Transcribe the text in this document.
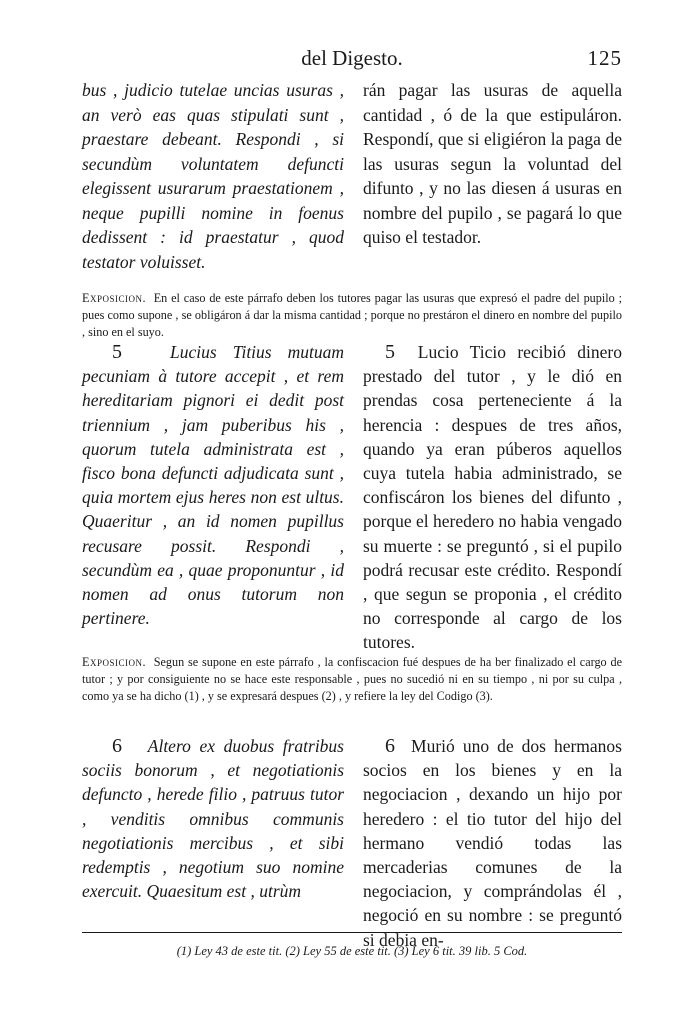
del Digesto.	125

bus , judicio tutelae uncias usuras , an verò eas quas stipulati sunt , praestare debeant. Respondi , si secundùm voluntatem defuncti elegissent usurarum praestationem , neque pupilli nomine in foenus dedissent : id praestatur , quod testator voluisset.

rán pagar las usuras de aquella cantidad , ó de la que estipuláron. Respondí, que si eligiéron la paga de las usuras segun la voluntad del difunto , y no las diesen á usuras en nombre del pupilo , se pagará lo que quiso el testador.

Exposicion. En el caso de este párrafo deben los tutores pagar las usuras que expresó el padre del pupilo ; pues como supone , se obligáron á dar la misma cantidad ; porque no prestáron el dinero en nombre del pupilo , sino en el suyo.

5	Lucius Titius mutuam pecuniam à tutore accepit , et rem hereditariam pignori ei dedit post triennium , jam puberibus his , quorum tutela administrata est , fisco bona defuncti adjudicata sunt , quia mortem ejus heres non est ultus. Quaeritur , an id nomen pupillus recusare possit. Respondi , secundùm ea , quae proponuntur , id nomen ad onus tutorum non pertinere.

5 Lucio Ticio recibió dinero prestado del tutor , y le dió en prendas cosa perteneciente á la herencia : despues de tres años, quando ya eran púberos aquellos cuya tutela habia administrado, se confiscáron los bienes del difunto , porque el heredero no habia vengado su muerte : se preguntó , si el pupilo podrá recusar este crédito. Respondí , que segun se proponia , el crédito no corresponde al cargo de los tutores.

Exposicion. Segun se supone en este párrafo , la confiscacion fué despues de ha ber finalizado el cargo de tutor ; y por consiguiente no se hace este responsable , pues no sucedió ni en su tiempo , ni por su culpa , como ya se ha dicho (1) , y se expresará despues (2) , y refiere la ley del Codigo (3).

6 Altero ex duobus fratribus sociis bonorum , et negotiationis defuncto , herede filio , patruus tutor , venditis omnibus communis negotiationis mercibus , et sibi redemptis , negotium suo nomine exercuit. Quaesitum est , utrùm

6 Murió uno de dos hermanos socios en los bienes y en la negociacion , dexando un hijo por heredero : el tio tutor del hijo del hermano vendió todas las mercaderias comunes de la negociacion, y comprándolas él , negoció en su nombre : se preguntó si debia en-

(1) Ley 43 de este tit. (2) Ley 55 de este tit. (3) Ley 6 tit. 39 lib. 5 Cod.
